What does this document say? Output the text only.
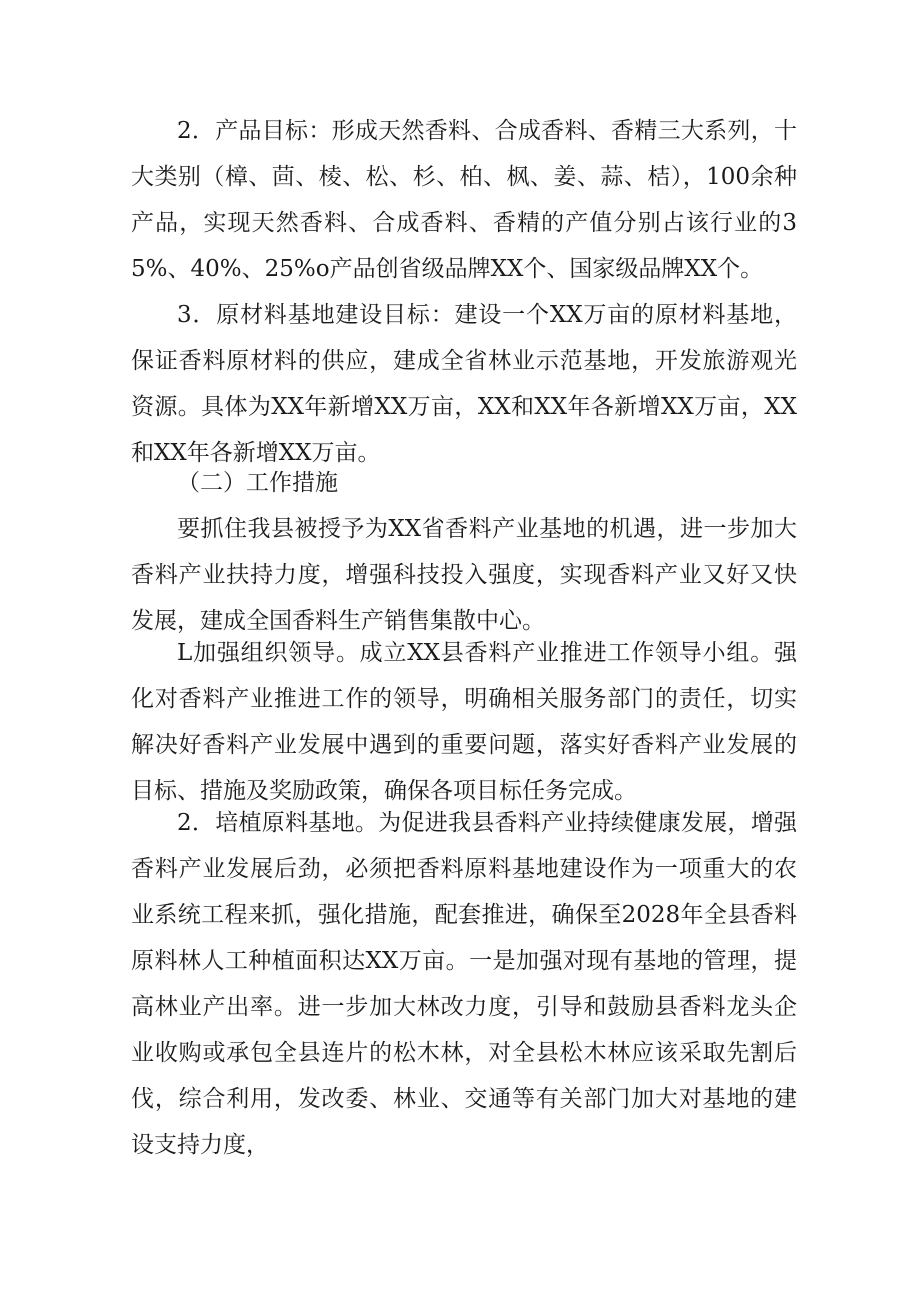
2．产品目标：形成天然香料、合成香料、香精三大系列，十大类别（樟、茴、棱、松、杉、柏、枫、姜、蒜、桔），100余种产品，实现天然香料、合成香料、香精的产值分别占该行业的35%、40%、25%o产品创省级品牌XX个、国家级品牌XX个。

3．原材料基地建设目标：建设一个XX万亩的原材料基地，保证香料原材料的供应，建成全省林业示范基地，开发旅游观光资源。具体为XX年新增XX万亩，XX和XX年各新增XX万亩，XX和XX年各新增XX万亩。

（二）工作措施

要抓住我县被授予为XX省香料产业基地的机遇，进一步加大香料产业扶持力度，增强科技投入强度，实现香料产业又好又快发展，建成全国香料生产销售集散中心。

L加强组织领导。成立XX县香料产业推进工作领导小组。强化对香料产业推进工作的领导，明确相关服务部门的责任，切实解决好香料产业发展中遇到的重要问题，落实好香料产业发展的目标、措施及奖励政策，确保各项目标任务完成。

2．培植原料基地。为促进我县香料产业持续健康发展，增强香料产业发展后劲，必须把香料原料基地建设作为一项重大的农业系统工程来抓，强化措施，配套推进，确保至2028年全县香料原料林人工种植面积达XX万亩。一是加强对现有基地的管理，提高林业产出率。进一步加大林改力度，引导和鼓励县香料龙头企业收购或承包全县连片的松木林，对全县松木林应该采取先割后伐，综合利用，发改委、林业、交通等有关部门加大对基地的建设支持力度，
